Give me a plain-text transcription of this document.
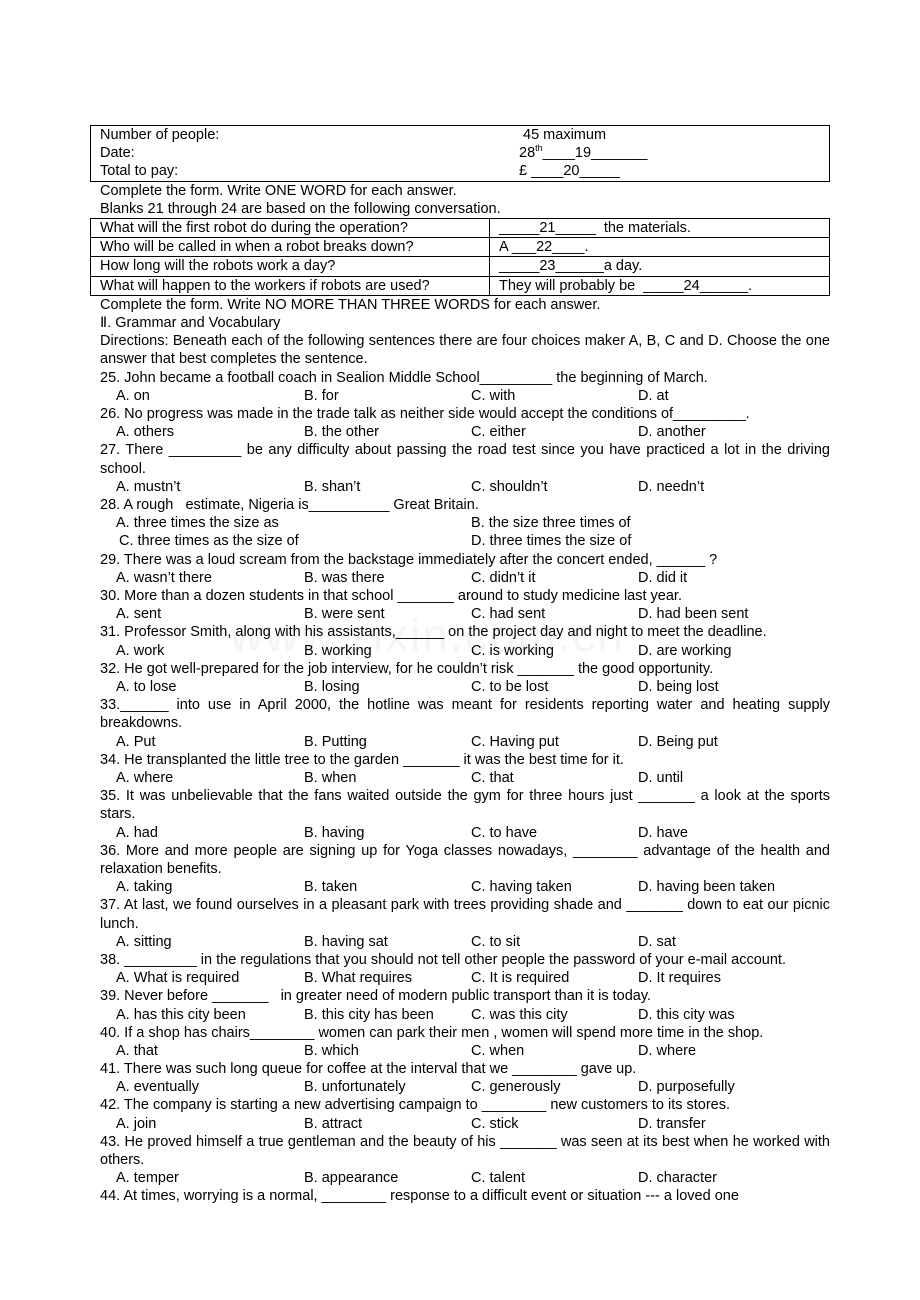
Number of people:	45 maximum
Date:	28th____19_______
Total to pay:	£ ____20_____
Complete the form. Write ONE WORD for each answer.
Blanks 21 through 24 are based on the following conversation.
What will the first robot do during the operation?	_____21_____  the materials.
Who will be called in when a robot breaks down?	A ___22____.
How long will the robots work a day?	_____23______a day.
What will happen to the workers if robots are used?	They will probably be  _____24______.
Complete the form. Write NO MORE THAN THREE WORDS for each answer.
Ⅱ. Grammar and Vocabulary
Directions: Beneath each of the following sentences there are four choices maker A, B, C and D. Choose the one answer that best completes the sentence.
25. John became a football coach in Sealion Middle School_________ the beginning of March.
A. on	B. for	C. with	D. at
26. No progress was made in the trade talk as neither side would accept the conditions of_________.
A. others	B. the other	C. either	D. another
27. There _________ be any difficulty about passing the road test since you have practiced a lot in the driving school.
A. mustn’t	B. shan’t	C. shouldn’t	D. needn’t
28. A rough   estimate, Nigeria is__________ Great Britain.
A. three times the size as	B. the size three times of
C. three times as the size of	D. three times the size of
29. There was a loud scream from the backstage immediately after the concert ended, ______ ?
A. wasn’t there	B. was there	C. didn’t it	D. did it
30. More than a dozen students in that school _______ around to study medicine last year.
A. sent	B. were sent	C. had sent	D. had been sent
31. Professor Smith, along with his assistants,______ on the project day and night to meet the deadline.
A. work	B. working	C. is working	D. are working
32. He got well-prepared for the job interview, for he couldn’t risk _______ the good opportunity.
A. to lose	B. losing	C. to be lost	D. being lost
33.______ into use in April 2000, the hotline was meant for residents reporting water and heating supply breakdowns.
A. Put	B. Putting	C. Having put	D. Being put
34. He transplanted the little tree to the garden _______ it was the best time for it.
A. where	B. when	C. that	D. until
35. It was unbelievable that the fans waited outside the gym for three hours just _______ a look at the sports stars.
A. had	B. having	C. to have	D. have
36. More and more people are signing up for Yoga classes nowadays, ________ advantage of the health and relaxation benefits.
A. taking	B. taken	C. having taken	D. having been taken
37. At last, we found ourselves in a pleasant park with trees providing shade and _______ down to eat our picnic lunch.
A. sitting	B. having sat	C. to sit	D. sat
38. _________ in the regulations that you should not tell other people the password of your e-mail account.
A. What is required	B. What requires	C. It is required	D. It requires
39. Never before _______   in greater need of modern public transport than it is today.
A. has this city been	B. this city has been	C. was this city	D. this city was
40. If a shop has chairs________ women can park their men , women will spend more time in the shop.
A. that	B. which	C. when	D. where
41. There was such long queue for coffee at the interval that we ________ gave up.
A. eventually	B. unfortunately	C. generously	D. purposefully
42. The company is starting a new advertising campaign to ________ new customers to its stores.
A. join	B. attract	C. stick	D. transfer
43. He proved himself a true gentleman and the beauty of his _______ was seen at its best when he worked with others.
A. temper	B. appearance	C. talent	D. character
44. At times, worrying is a normal, ________ response to a difficult event or situation --- a loved one
